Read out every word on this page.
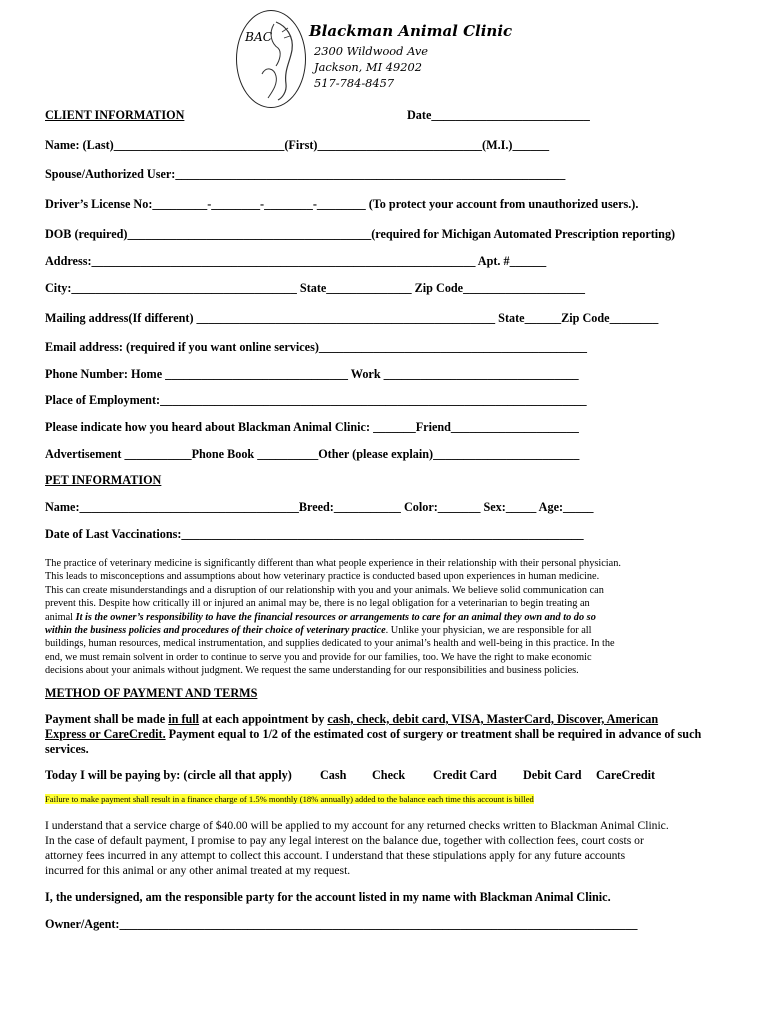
BAC Blackman Animal Clinic
2300 Wildwood Ave
Jackson, MI 49202
517-784-8457
CLIENT INFORMATION	Date__________________________
Name: (Last)____________________________(First)___________________________(M.I.)______
Spouse/Authorized User:________________________________________________________________
Driver’s License No:_________-________-________-________ (To protect your account from unauthorized users.).
DOB (required)________________________________________(required for Michigan Automated Prescription reporting)
Address:_______________________________________________________________ Apt. #______
City:_____________________________________ State______________ Zip Code____________________
Mailing address(If different) _________________________________________________ State______Zip Code________
Email address: (required if you want online services)____________________________________________
Phone Number: Home ______________________________ Work ________________________________
Place of Employment:______________________________________________________________________
Please indicate how you heard about Blackman Animal Clinic: _______Friend_____________________
Advertisement ___________Phone Book __________Other (please explain)________________________
PET INFORMATION
Name:____________________________________Breed:___________ Color:_______ Sex:_____ Age:_____
Date of Last Vaccinations:__________________________________________________________________
The practice of veterinary medicine is significantly different than what people experience in their relationship with their personal physician.
This leads to misconceptions and assumptions about how veterinary practice is conducted based upon experiences in human medicine.
This can create misunderstandings and a disruption of our relationship with you and your animals. We believe solid communication can
prevent this. Despite how critically ill or injured an animal may be, there is no legal obligation for a veterinarian to begin treating an
animal It is the owner’s responsibility to have the financial resources or arrangements to care for an animal they own and to do so
within the business policies and procedures of their choice of veterinary practice. Unlike your physician, we are responsible for all
buildings, human resources, medical instrumentation, and supplies dedicated to your animal’s health and well-being in this practice. In the
end, we must remain solvent in order to continue to serve you and provide for our families, too. We have the right to make economic
decisions about your animals without judgment. We request the same understanding for our responsibilities and business policies.
METHOD OF PAYMENT AND TERMS
Payment shall be made in full at each appointment by cash, check, debit card, VISA, MasterCard, Discover, American
Express or CareCredit. Payment equal to 1/2 of the estimated cost of surgery or treatment shall be required in advance of such
services.
Today I will be paying by: (circle all that apply) Cash Check Credit Card Debit Card CareCredit
Failure to make payment shall result in a finance charge of 1.5% monthly (18% annually) added to the balance each time this account is billed
I understand that a service charge of $40.00 will be applied to my account for any returned checks written to Blackman Animal Clinic.
In the case of default payment, I promise to pay any legal interest on the balance due, together with collection fees, court costs or
attorney fees incurred in any attempt to collect this account. I understand that these stipulations apply for any future accounts
incurred for this animal or any other animal treated at my request.
I, the undersigned, am the responsible party for the account listed in my name with Blackman Animal Clinic.
Owner/Agent:_____________________________________________________________________________________
